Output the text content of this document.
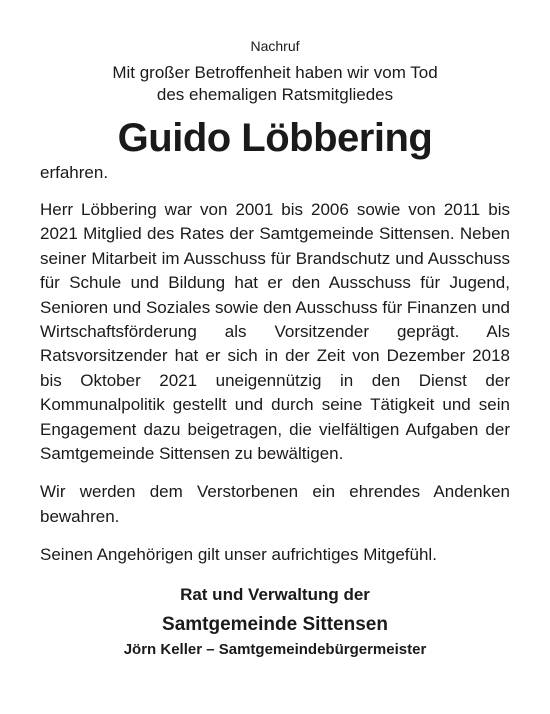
Nachruf
Mit großer Betroffenheit haben wir vom Tod
des ehemaligen Ratsmitgliedes
Guido Löbbering
erfahren.
Herr Löbbering war von 2001 bis 2006 sowie von 2011 bis 2021 Mitglied des Rates der Samtgemeinde Sittensen. Neben seiner Mitarbeit im Ausschuss für Brandschutz und Ausschuss für Schule und Bildung hat er den Ausschuss für Jugend, Senioren und Soziales sowie den Ausschuss für Finanzen und Wirtschaftsförderung als Vorsitzender geprägt. Als Ratsvorsitzender hat er sich in der Zeit von Dezember 2018 bis Oktober 2021 uneigennützig in den Dienst der Kommunalpolitik gestellt und durch seine Tätigkeit und sein Engagement dazu beigetragen, die vielfältigen Aufgaben der Samtgemeinde Sittensen zu bewältigen.
Wir werden dem Verstorbenen ein ehrendes Andenken bewahren.
Seinen Angehörigen gilt unser aufrichtiges Mitgefühl.
Rat und Verwaltung der
Samtgemeinde Sittensen
Jörn Keller – Samtgemeindebürgermeister
